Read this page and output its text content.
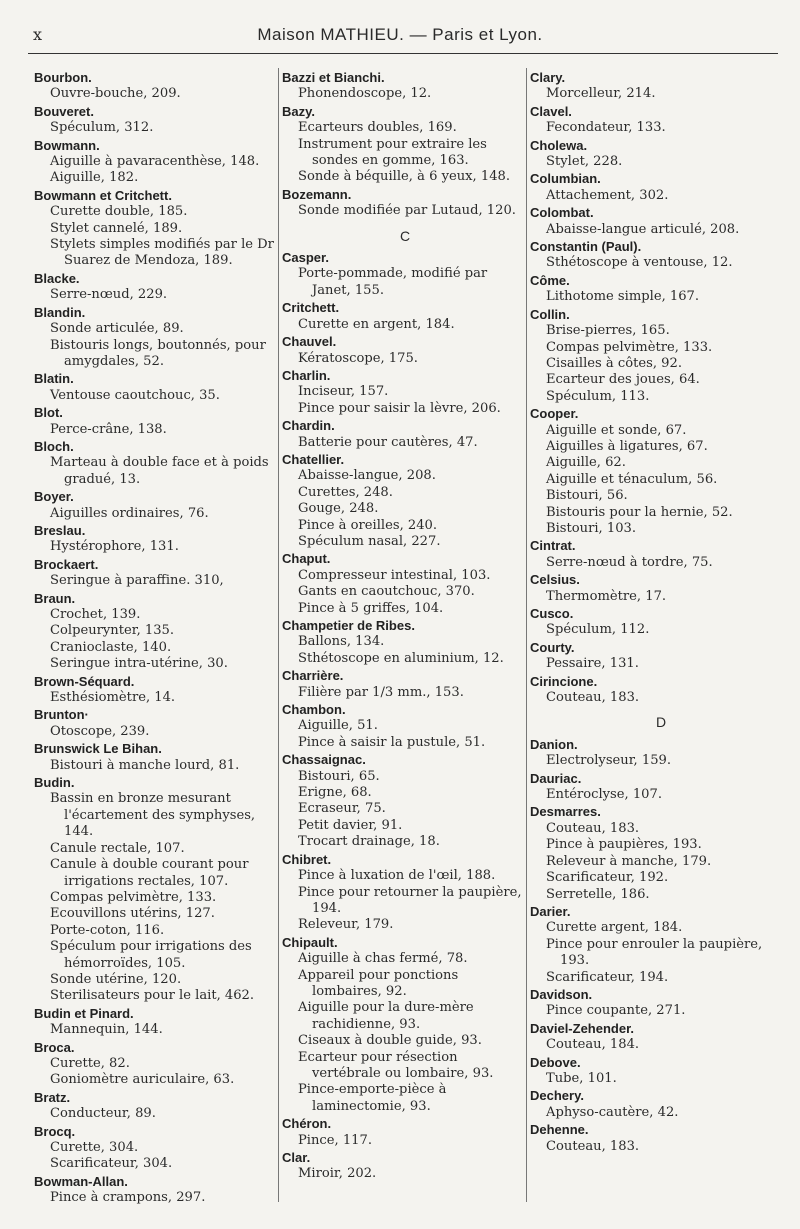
x	Maison MATHIEU. — Paris et Lyon.
Bourbon.
Ouvre-bouche, 209.
Bouveret.
Spéculum, 312.
Bowmann.
Aiguille à pavaracenthèse, 148.
Aiguille, 182.
Bowmann et Critchett.
Curette double, 185.
Stylet cannelé, 189.
Stylets simples modifiés par le Dr Suarez de Mendoza, 189.
Blacke.
Serre-nœud, 229.
Blandin.
Sonde articulée, 89.
Bistouris longs, boutonnés, pour amygdales, 52.
Blatin.
Ventouse caoutchouc, 35.
Blot.
Perce-crâne, 138.
Bloch.
Marteau à double face et à poids gradué, 13.
Boyer.
Aiguilles ordinaires, 76.
Breslau.
Hystérophore, 131.
Brockaert.
Seringue à paraffine. 310,
Braun.
Crochet, 139.
Colpeurynter, 135.
Cranioclaste, 140.
Seringue intra-utérine, 30.
Brown-Séquard.
Esthésiomètre, 14.
Brunton·
Otoscope, 239.
Brunswick Le Bihan.
Bistouri à manche lourd, 81.
Budin.
Bassin en bronze mesurant l'écartement des symphyses, 144.
Canule rectale, 107.
Canule à double courant pour irrigations rectales, 107.
Compas pelvimètre, 133.
Ecouvillons utérins, 127.
Porte-coton, 116.
Spéculum pour irrigations des hémorroïdes, 105.
Sonde utérine, 120.
Sterilisateurs pour le lait, 462.
Budin et Pinard.
Mannequin, 144.
Broca.
Curette, 82.
Goniomètre auriculaire, 63.
Bratz.
Conducteur, 89.
Brocq.
Curette, 304.
Scarificateur, 304.
Bowman-Allan.
Pince à crampons, 297.
Bazzi et Bianchi.
Phonendoscope, 12.
Bazy.
Ecarteurs doubles, 169.
Instrument pour extraire les sondes en gomme, 163.
Sonde à béquille, à 6 yeux, 148.
Bozemann.
Sonde modifiée par Lutaud, 120.
C
Casper.
Porte-pommade, modifié par Janet, 155.
Critchett.
Curette en argent, 184.
Chauvel.
Kératoscope, 175.
Charlin.
Inciseur, 157.
Pince pour saisir la lèvre, 206.
Chardin.
Batterie pour cautères, 47.
Chatellier.
Abaisse-langue, 208.
Curettes, 248.
Gouge, 248.
Pince à oreilles, 240.
Spéculum nasal, 227.
Chaput.
Compresseur intestinal, 103.
Gants en caoutchouc, 370.
Pince à 5 griffes, 104.
Champetier de Ribes.
Ballons, 134.
Sthétoscope en aluminium, 12.
Charrière.
Filière par 1/3 mm., 153.
Chambon.
Aiguille, 51.
Pince à saisir la pustule, 51.
Chassaignac.
Bistouri, 65.
Erigne, 68.
Ecraseur, 75.
Petit davier, 91.
Trocart drainage, 18.
Chibret.
Pince à luxation de l'œil, 188.
Pince pour retourner la paupière, 194.
Releveur, 179.
Chipault.
Aiguille à chas fermé, 78.
Appareil pour ponctions lombaires, 92.
Aiguille pour la dure-mère rachidienne, 93.
Ciseaux à double guide, 93.
Ecarteur pour résection vertébrale ou lombaire, 93.
Pince-emporte-pièce à laminectomie, 93.
Chéron.
Pince, 117.
Clar.
Miroir, 202.
Clary.
Morcelleur, 214.
Clavel.
Fecondateur, 133.
Cholewa.
Stylet, 228.
Columbian.
Attachement, 302.
Colombat.
Abaisse-langue articulé, 208.
Constantin (Paul).
Sthétoscope à ventouse, 12.
Côme.
Lithotome simple, 167.
Collin.
Brise-pierres, 165.
Compas pelvimètre, 133.
Cisailles à côtes, 92.
Ecarteur des joues, 64.
Spéculum, 113.
Cooper.
Aiguille et sonde, 67.
Aiguilles à ligatures, 67.
Aiguille, 62.
Aiguille et ténaculum, 56.
Bistouri, 56.
Bistouris pour la hernie, 52.
Bistouri, 103.
Cintrat.
Serre-nœud à tordre, 75.
Celsius.
Thermomètre, 17.
Cusco.
Spéculum, 112.
Courty.
Pessaire, 131.
Cirincione.
Couteau, 183.
D
Danion.
Electrolyseur, 159.
Dauriac.
Entéroclyse, 107.
Desmarres.
Couteau, 183.
Pince à paupières, 193.
Releveur à manche, 179.
Scarificateur, 192.
Serretelle, 186.
Darier.
Curette argent, 184.
Pince pour enrouler la paupière, 193.
Scarificateur, 194.
Davidson.
Pince coupante, 271.
Daviel-Zehender.
Couteau, 184.
Debove.
Tube, 101.
Dechery.
Aphyso-cautère, 42.
Dehenne.
Couteau, 183.
